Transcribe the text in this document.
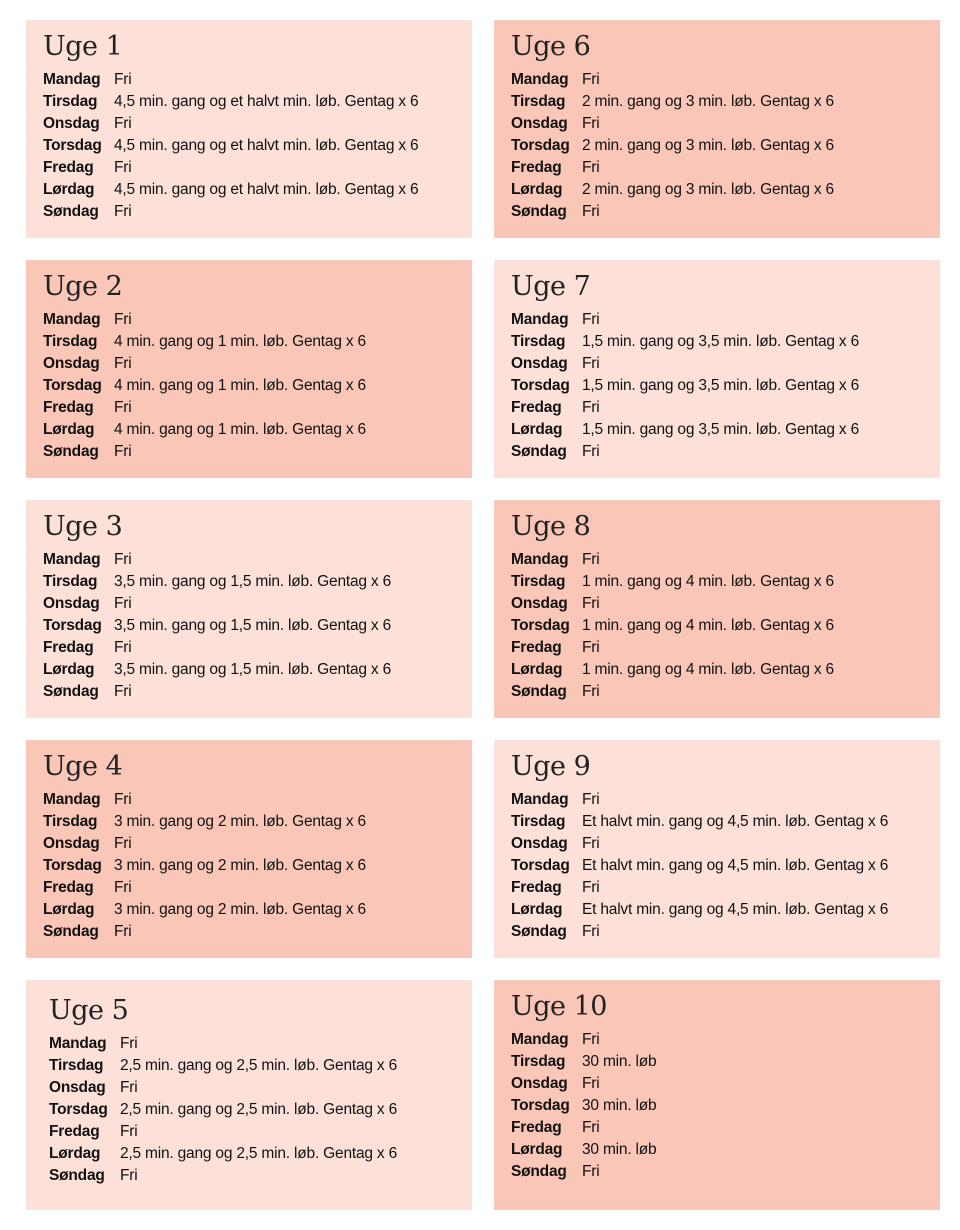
Uge 1
Mandag Fri
Tirsdag	4,5 min. gang og et halvt min. løb. Gentag x 6
Onsdag Fri
Torsdag 4,5 min. gang og et halvt min. løb. Gentag x 6
Fredag	Fri
Lørdag	4,5 min. gang og et halvt min. løb. Gentag x 6
Søndag Fri
Uge 2
Mandag Fri
Tirsdag	4 min. gang og 1 min. løb. Gentag x 6
Onsdag Fri
Torsdag 4 min. gang og 1 min. løb. Gentag x 6
Fredag	Fri
Lørdag	4 min. gang og 1 min. løb. Gentag x 6
Søndag Fri
Uge 3
Mandag Fri
Tirsdag	3,5 min. gang og 1,5 min. løb. Gentag x 6
Onsdag Fri
Torsdag 3,5 min. gang og 1,5 min. løb. Gentag x 6
Fredag	Fri
Lørdag	3,5 min. gang og 1,5 min. løb. Gentag x 6
Søndag Fri
Uge 4
Mandag Fri
Tirsdag	3 min. gang og 2 min. løb. Gentag x 6
Onsdag Fri
Torsdag 3 min. gang og 2 min. løb. Gentag x 6
Fredag	Fri
Lørdag	3 min. gang og 2 min. løb. Gentag x 6
Søndag Fri
Uge 5
Mandag Fri
Tirsdag	2,5 min. gang og 2,5 min. løb. Gentag x 6
Onsdag Fri
Torsdag 2,5 min. gang og 2,5 min. løb. Gentag x 6
Fredag	Fri
Lørdag	2,5 min. gang og 2,5 min. løb. Gentag x 6
Søndag Fri
Uge 6
Mandag Fri
Tirsdag	2 min. gang og 3 min. løb. Gentag x 6
Onsdag Fri
Torsdag 2 min. gang og 3 min. løb. Gentag x 6
Fredag	Fri
Lørdag	2 min. gang og 3 min. løb. Gentag x 6
Søndag Fri
Uge 7
Mandag Fri
Tirsdag	1,5 min. gang og 3,5 min. løb. Gentag x 6
Onsdag Fri
Torsdag 1,5 min. gang og 3,5 min. løb. Gentag x 6
Fredag	Fri
Lørdag	1,5 min. gang og 3,5 min. løb. Gentag x 6
Søndag Fri
Uge 8
Mandag Fri
Tirsdag	1 min. gang og 4 min. løb. Gentag x 6
Onsdag Fri
Torsdag 1 min. gang og 4 min. løb. Gentag x 6
Fredag	Fri
Lørdag	1 min. gang og 4 min. løb. Gentag x 6
Søndag Fri
Uge 9
Mandag Fri
Tirsdag	Et halvt min. gang og 4,5 min. løb. Gentag x 6
Onsdag Fri
Torsdag Et halvt min. gang og 4,5 min. løb. Gentag x 6
Fredag	Fri
Lørdag	Et halvt min. gang og 4,5 min. løb. Gentag x 6
Søndag Fri
Uge 10
Mandag Fri
Tirsdag	30 min. løb
Onsdag Fri
Torsdag 30 min. løb
Fredag	Fri
Lørdag	30 min. løb
Søndag Fri
